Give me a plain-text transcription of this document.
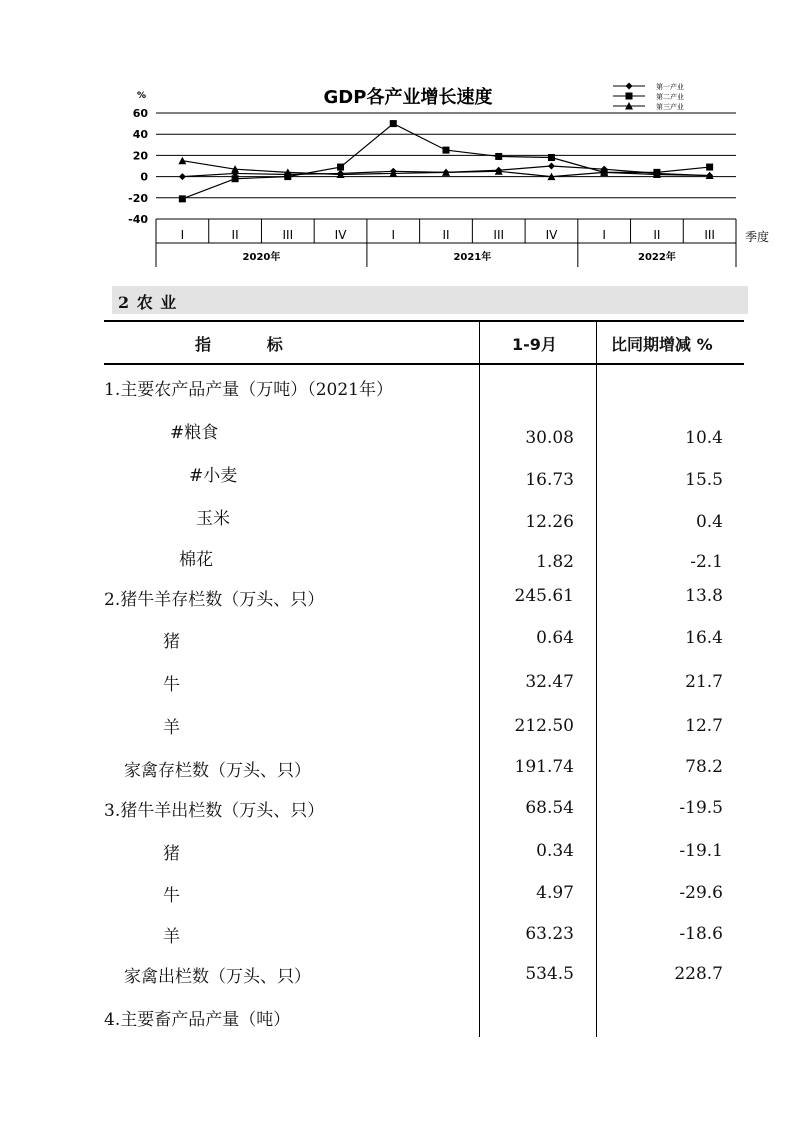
GDP各产业增长速度
%
60
40
20
0
-20
-40
I	II	III	IV	I	II	III	IV	I	II	III
2020年	2021年	2022年
季度
第一产业
第二产业
第三产业
2 农 业
指          标	1-9月	比同期增减 %
1.主要农产品产量（万吨）（2021年）
#粮食	30.08	10.4
#小麦	16.73	15.5
玉米	12.26	0.4
棉花	1.82	-2.1
2.猪牛羊存栏数（万头、只）	245.61	13.8
猪	0.64	16.4
牛	32.47	21.7
羊	212.50	12.7
家禽存栏数（万头、只）	191.74	78.2
3.猪牛羊出栏数（万头、只）	68.54	-19.5
猪	0.34	-19.1
牛	4.97	-29.6
羊	63.23	-18.6
家禽出栏数（万头、只）	534.5	228.7
4.主要畜产品产量（吨）
